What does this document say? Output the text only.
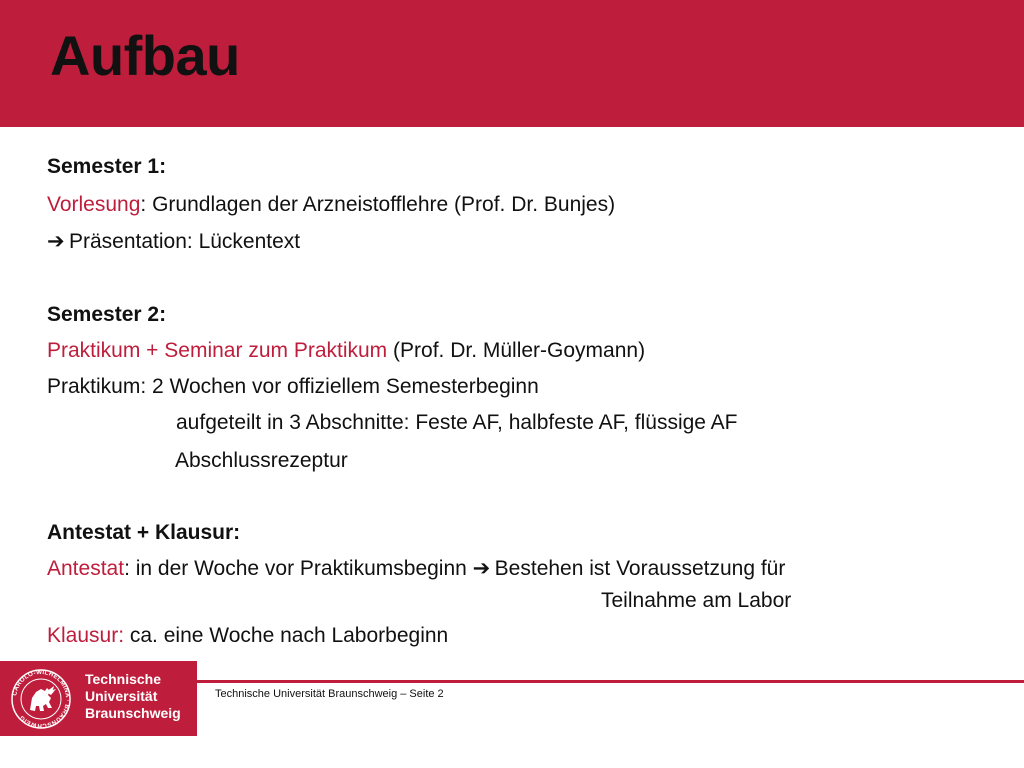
Aufbau
Semester 1:
Vorlesung: Grundlagen der Arzneistofflehre (Prof. Dr. Bunjes)
➔ Präsentation: Lückentext
Semester 2:
Praktikum + Seminar zum Praktikum (Prof. Dr. Müller-Goymann)
Praktikum: 2 Wochen vor offiziellem Semesterbeginn
aufgeteilt in 3 Abschnitte: Feste AF, halbfeste AF, flüssige AF
Abschlussrezeptur
Antestat + Klausur:
Antestat: in der Woche vor Praktikumsbeginn ➔ Bestehen ist Voraussetzung für
Teilnahme am Labor
Klausur: ca. eine Woche nach Laborbeginn
CAROLO-WILHELMINA · BRAUNSCHWEIG
Technische
Universität
Braunschweig
Technische Universität Braunschweig – Seite 2
